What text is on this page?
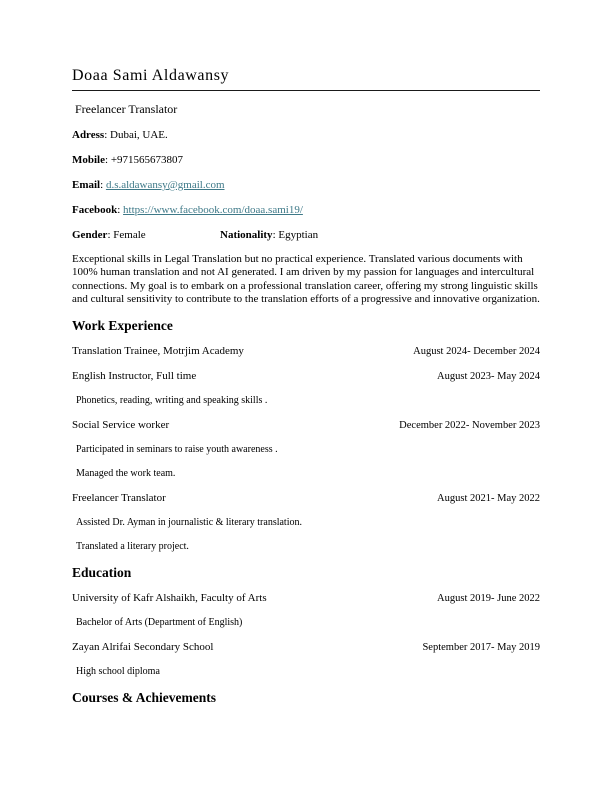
Doaa Sami Aldawansy
Freelancer Translator

Adress: Dubai, UAE.

Mobile: +971565673807

Email: d.s.aldawansy@gmail.com

Facebook: https://www.facebook.com/doaa.sami19/

Gender: Female	Nationality: Egyptian

Exceptional skills in Legal Translation but no practical experience. Translated various documents with 100% human translation and not AI generated. I am driven by my passion for languages and intercultural connections. My goal is to embark on a professional translation career, offering my strong linguistic skills and cultural sensitivity to contribute to the translation efforts of a progressive and innovative organization.

Work Experience
Translation Trainee, Motrjim Academy	August 2024- December 2024
English Instructor, Full time	August 2023- May 2024
Phonetics, reading, writing and speaking skills .
Social Service worker	December 2022- November 2023
Participated in seminars to raise youth awareness .
Managed the work team.
Freelancer Translator	August 2021- May 2022
Assisted Dr. Ayman in journalistic & literary translation.
Translated a literary project.
Education
University of Kafr Alshaikh, Faculty of Arts	August 2019- June 2022
Bachelor of Arts (Department of English)
Zayan Alrifai Secondary School	September 2017- May 2019
High school diploma
Courses & Achievements
